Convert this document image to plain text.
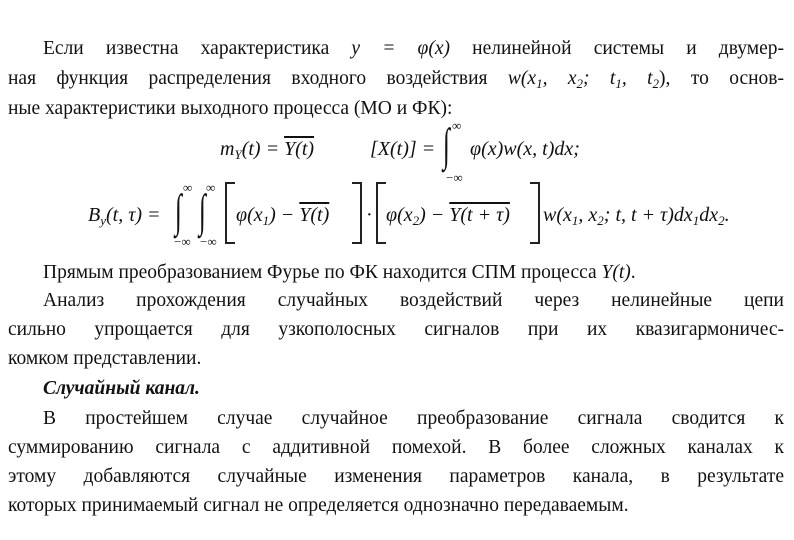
Если известна характеристика y = φ(x) нелинейной системы и двумер-
ная функция распределения входного воздействия $w(x_1$, $x_2$; $t_1$, $t_2$), то основ-
ные характеристики выходного процесса (МО и ФК):
$m_Y(t) = Y(t)$	[X(t)] =
∞
∫
−∞
φ(x)w(x, t)dx;
$B_y(t$, τ) =
∞
∫
−∞
∞
∫
−∞
$\varphi(x_1) - Y(t) \cdot \varphi(x_2) - Y(t + \tau)$ $w(x_1$, $x_2$; t, $t + \tau)dx_1dx_2$.
Прямым преобразованием Фурье по ФК находится СПМ процесса Y(t).
Анализ прохождения случайных воздействий через нелинейные цепи
сильно упрощается для узкополосных сигналов при их квазигармоничес-
комком представлении.
Случайный канал.
В простейшем случае случайное преобразование сигнала сводится к
суммированию сигнала с аддитивной помехой. В более сложных каналах к
этому добавляются случайные изменения параметров канала, в результате
которых принимаемый сигнал не определяется однозначно передаваемым.
